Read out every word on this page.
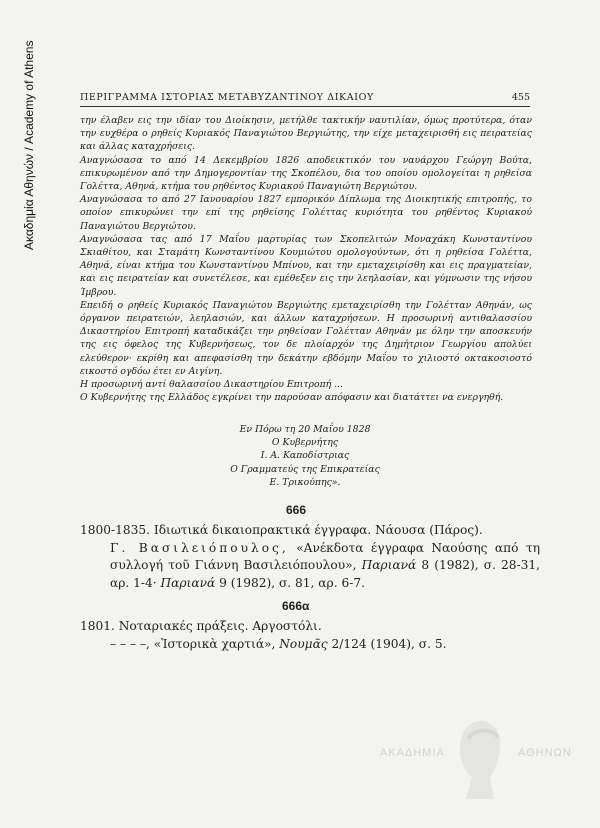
Ακαδημία Αθηνών / Academy of Athens	ΠΕΡΙΓΡΑΜΜΑ ΙΣΤΟΡΙΑΣ ΜΕΤΑΒΥΖΑΝΤΙΝΟΥ ΔΙΚΑΙΟΥ	455

την έλαβεν εις την ιδίαν του Διοίκησιν, μετήλθε τακτικήν ναυτιλίαν, όμως προτύτερα, όταν την ευχθέρα ο ρηθείς Κυριακός Παναγιώτου Βεργιώτης, την είχε μεταχειρισθή εις πειρατείας και άλλας καταχρήσεις.

Αναγνώσασα το από 14 Δεκεμβρίου 1826 αποδεικτικόν του ναυάρχου Γεώργη Βούτα, επικυρωμένον από την Δημογεροντίαν της Σκοπέλου, δια του οποίου ομολογείται η ρηθείσα Γολέττα, Αθηνά, κτήμα του ρηθέντος Κυριακού Παναγιώτη Βεργιώτου.

Αναγνώσασα το από 27 Ιανουαρίου 1827 εμπορικόν Δίπλωμα της Διοικητικής επιτροπής, το οποίον επικυρώνει την επί της ρηθείσης Γολέττας κυριότητα του ρηθέντος Κυριακού Παναγιώτου Βεργιώτου.

Αναγνώσασα τας από 17 Μαΐου μαρτυρίας των Σκοπελιτών Μοναχάκη Κωνσταντίνου Σκιαθίτου, και Σταμάτη Κωνσταντίνου Κουμιώτου ομολογούντων, ότι η ρηθείσα Γολέττα, Αθηνά, είναι κτήμα του Κωνσταντίνου Μπίνου, και την εμεταχειρίσθη και εις πραγματείαν, και εις πειρατείαν και συνετέλεσε, και εμέθεξεν εις την λεηλασίαν, και γύμνωσιν της νήσου Ίμβρου.

Επειδή ο ρηθείς Κυριακός Παναγιώτου Βεργιώτης εμεταχειρίσθη την Γολέτταν Αθηνάν, ως όργανον πειρατειών, λεηλασιών, και άλλων καταχρήσεων. Η προσωρινή αντιθαλασσίου Δικαστηρίου Επιτροπή καταδικάζει την ρηθείσαν Γολέτταν Αθηνάν με όλην την αποσκευήν της εις όφελος της Κυβερνήσεως, τον δε πλοίαρχόν της Δημήτριον Γεωργίου απολύει ελεύθερον· εκρίθη και απεφασίσθη την δεκάτην εβδόμην Μαΐου το χιλιοστό οκτακοσιοστό εικοστό ογδόω έτει εν Αιγίνη.

Η προσωρινή αντί θαλασσίου Δικαστηρίου Επιτροπή ...

Ο Κυβερνήτης της Ελλάδος εγκρίνει την παρούσαν απόφασιν και διατάττει να ενεργηθή.

Εν Πόρω τη 20 Μαΐου 1828
Ο Κυβερνήτης
Ι. Α. Καποδίστριας
Ο Γραμματεύς της Επικρατείας
Ε. Τρικούπης».
666
1800-1835. Ιδιωτικά δικαιοπρακτικά έγγραφα. Νάουσα (Πάρος).
Γ. Βασιλειόπουλος, «Ανέκδοτα έγγραφα Ναούσης από τη συλλογή τοῦ Γιάννη Βασιλειόπουλου», Παριανά 8 (1982), σ. 28-31, αρ. 1-4· Παριανά 9 (1982), σ. 81, αρ. 6-7.
666α
1801. Νοταριακές πράξεις. Αργοστόλι.
– – – –, «Ἱστορικὰ χαρτιά», Νουμᾶς 2/124 (1904), σ. 5.
ΑΚΑΔΗΜΙΑ	ΑΘΗΝΩΝ
